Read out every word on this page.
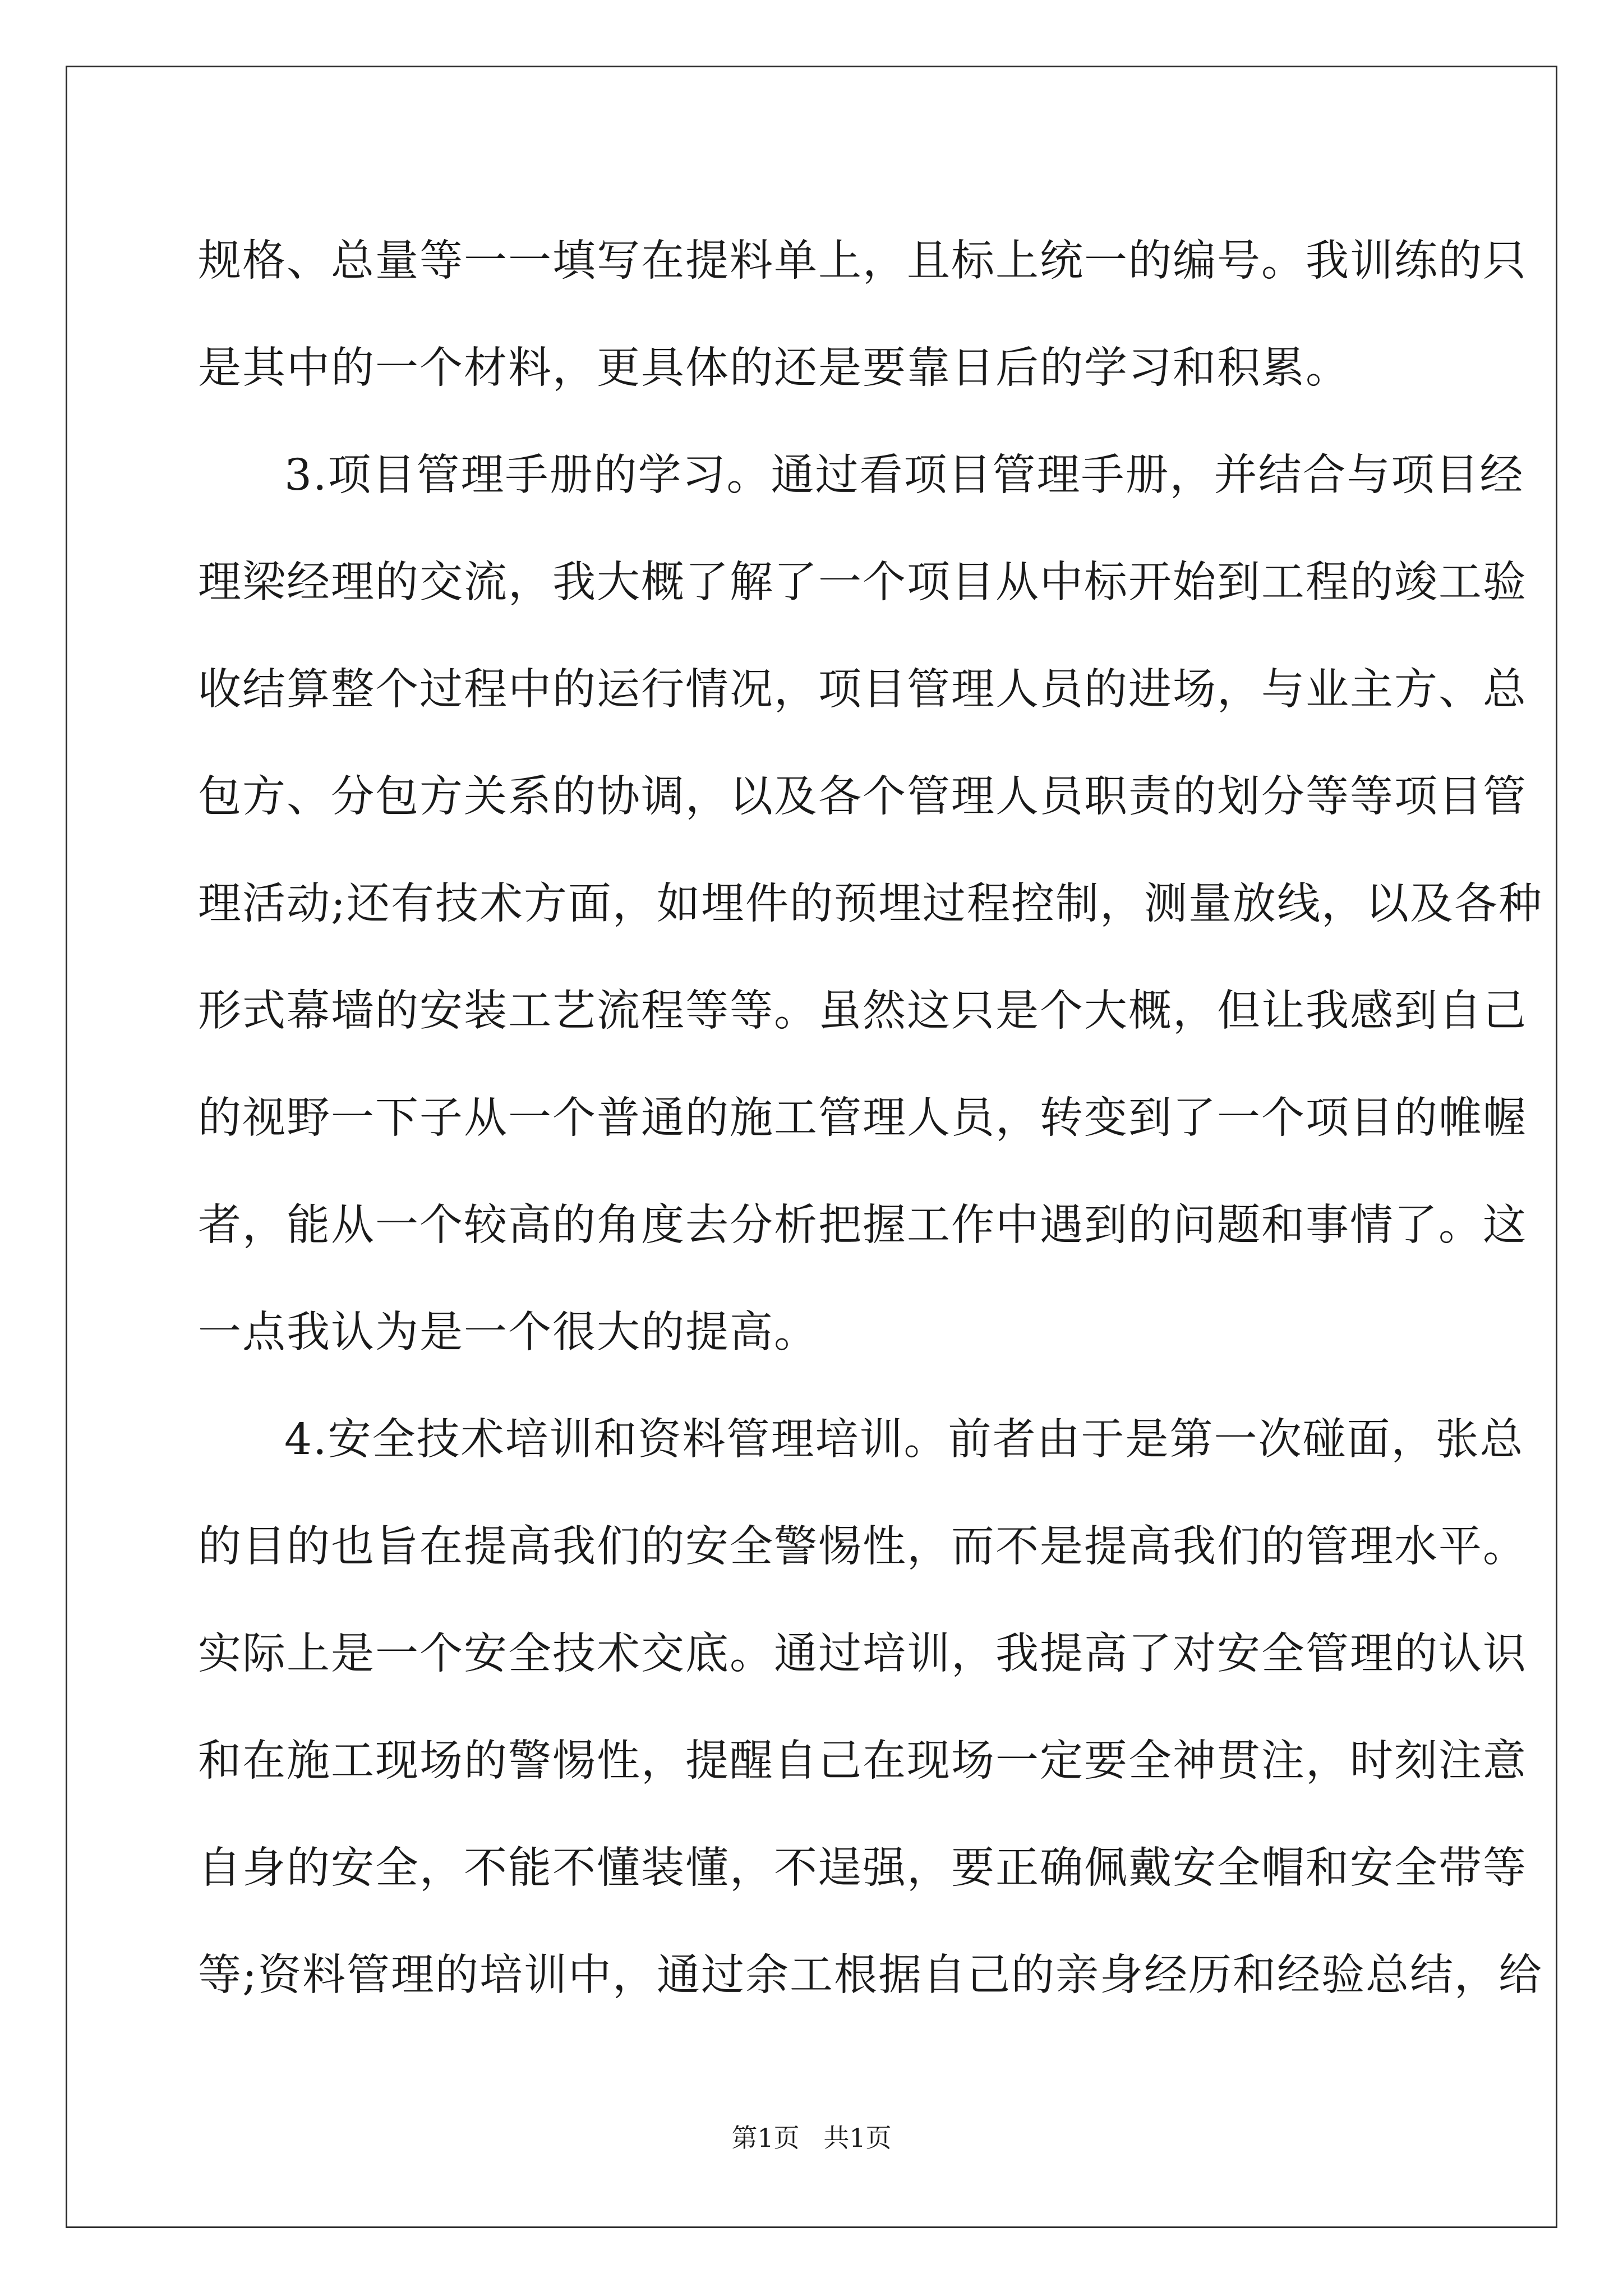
规格、总量等一一填写在提料单上，且标上统一的编号。我训练的只
是其中的一个材料，更具体的还是要靠日后的学习和积累。
3.项目管理手册的学习。通过看项目管理手册，并结合与项目经
理梁经理的交流，我大概了解了一个项目从中标开始到工程的竣工验
收结算整个过程中的运行情况，项目管理人员的进场，与业主方、总
包方、分包方关系的协调，以及各个管理人员职责的划分等等项目管
理活动;还有技术方面，如埋件的预埋过程控制，测量放线，以及各种
形式幕墙的安装工艺流程等等。虽然这只是个大概，但让我感到自己
的视野一下子从一个普通的施工管理人员，转变到了一个项目的帷幄
者，能从一个较高的角度去分析把握工作中遇到的问题和事情了。这
一点我认为是一个很大的提高。
4.安全技术培训和资料管理培训。前者由于是第一次碰面，张总
的目的也旨在提高我们的安全警惕性，而不是提高我们的管理水平。
实际上是一个安全技术交底。通过培训，我提高了对安全管理的认识
和在施工现场的警惕性，提醒自己在现场一定要全神贯注，时刻注意
自身的安全，不能不懂装懂，不逞强，要正确佩戴安全帽和安全带等
等;资料管理的培训中，通过余工根据自己的亲身经历和经验总结，给
第1页 共1页
